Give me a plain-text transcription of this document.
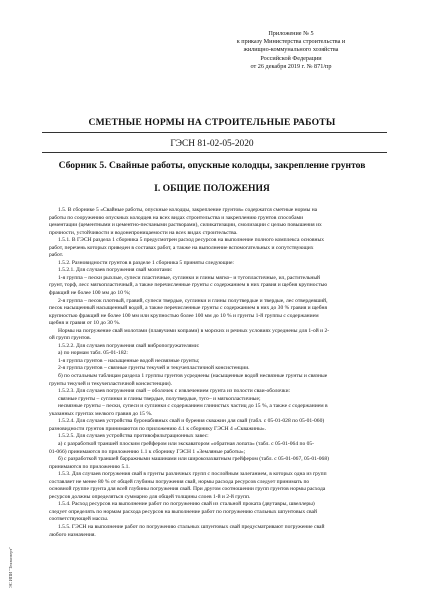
Приложение № 5
к приказу Министерства строительства и
жилищно-коммунального хозяйства
Российской Федерации
от 26 декабря 2019 г. № 871/пр
СМЕТНЫЕ НОРМЫ НА СТРОИТЕЛЬНЫЕ РАБОТЫ
ГЭСН 81-02-05-2020
Сборник 5. Свайные работы, опускные колодцы, закрепление грунтов
I. ОБЩИЕ ПОЛОЖЕНИЯ
1.5. В сборнике 5 «Свайные работы, опускные колодцы, закрепление грунтов» содержатся сметные нормы на
работы по сооружению опускных колодцев на всех видах строительства и закреплению грунтов способами
цементации (цементными и цементно-песчаными растворами), силикатизации, смолизации с целью повышения их
прочности, устойчивости и водонепроницаемости на всех видах строительства.
1.5.1. В ГЭСН раздела 1 сборника 5 предусмотрен расход ресурсов на выполнение полного комплекса основных
работ, перечень которых приведен в составах работ, а также на выполнение вспомогательных и сопутствующих
работ.
1.5.2. Разновидности грунтов в разделе 1 сборника 5 приняты следующие:
1.5.2.1. Для случаев погружения свай молотами:
1-я группа – пески рыхлые, супеси пластичные, суглинки и глины мягко– и тугопластичные, ил, растительный
грунт, торф, лесс мягкопластичный, а также перечисленные грунты с содержанием в них гравия и щебня крупностью
фракций не более 100 мм до 10 %;
2-я группа – песок плотный, гравий, супеси твердые, суглинки и глины полутвердые и твердые, лес отвердевший,
песок насыщенный насыщенный водой, а также перечисленные грунты с содержанием в них до 30 % гравия и щебня
крупностью фракций не более 100 мм или крупностью более 100 мм до 10 % и грунты 1-й группы с содержанием
щебня и гравия от 10 до 30 %.
Нормы на погружение свай молотами (плавучими копрами) в морских и речных условиях усреднены для 1-ой и 2-
ой групп грунтов.
1.5.2.2. Для случаев погружения свай вибропогружателями:
а) по нормам табл. 05-01-182:
1-я группа грунтов – насыщенные водой несвязные грунты;
2-я группа грунтов – связные грунты текучей и текучепластичной консистенции.
б) по остальным таблицам раздела 1 группы грунтов усреднены (насыщенные водой несвязные грунты и связные
грунты текучей и текучепластичной консистенции).
1.5.2.3. Для случаев погружения свай – оболочек с извлечением грунта из полости сваи-оболочки:
связные грунты – суглинки и глины твердые, полутвердые, туго– и мягкопластичные;
несвязные грунты – пески, супеси и суглинки с содержанием глинистых частиц до 15 %, а также с содержанием в
указанных грунтах мелкого гравия до 15 %.
1.5.2.4. Для случаев устройства буронабивных свай и бурения скважин для свай (табл. с 05-01-028 по 05-01-060)
разновидности грунтов принимаются по приложению 4.1 к сборнику ГЭСН 4 «Скважины».
1.5.2.5. Для случаев устройства противофильтрационных завес:
а) с разработкой траншей плоским грейфером или экскаватором «обратная лопата» (табл. с 05-01-064 по 05-
01-066) принимаются по приложению 1.1 к сборнику ГЭСН 1 «Земляные работы»;
б) с разработкой траншей барражными машинами или широкозахватным грейфером (табл. с 05-01-067, 05-01-068)
принимаются по приложению 5.1.
1.5.3. Для случаев погружения свай в грунты различных групп с послойным залеганием, в которых одна из групп
составляет не менее 80 % от общей глубины погружения свай, нормы расхода ресурсов следует принимать по
основной группе грунта для всей глубины погружения свай. При другом соотношении групп грунтов нормы расхода
ресурсов должны определяться суммарно для общей толщины слоев 1-й и 2-й групп.
1.5.4. Расход ресурсов на выполнение работ по погружению свай из стальной проката (двутавры, швеллеры)
следует определять по нормам расхода ресурсов на выполнение работ по погружению стальных шпунтовых свай
соответствующей массы.
1.5.5. ГЭСН на выполнение работ по погружению стальных шпунтовых свай предусматривают погружение свай
любого назначения.
ЭС ИПИ "Техэксперт"
